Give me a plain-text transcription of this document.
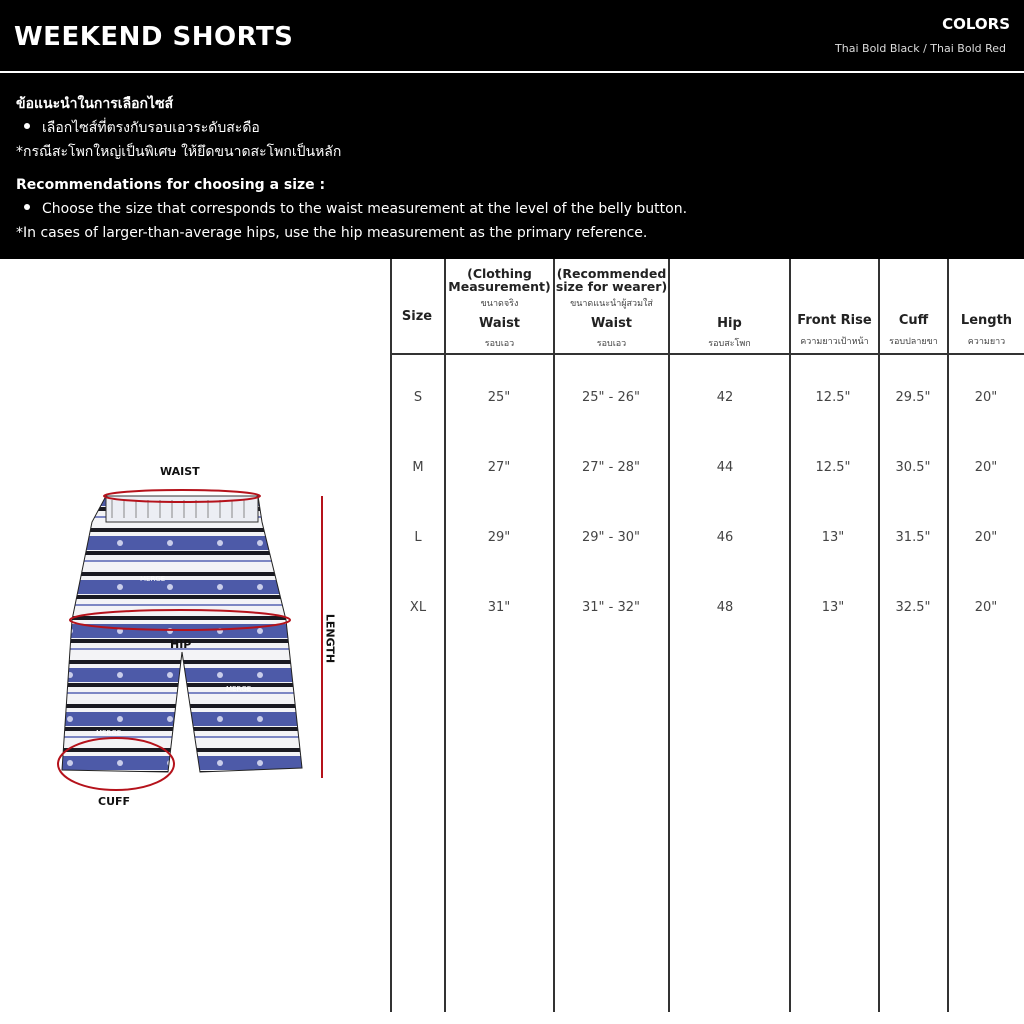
WEEKEND SHORTS	COLORS
Thai Bold Black / Thai Bold Red
ข้อแนะนำในการเลือกไซส์
เลือกไซส์ที่ตรงกับรอบเอวระดับสะดือ
*กรณีสะโพกใหญ่เป็นพิเศษ ให้ยึดขนาดสะโพกเป็นหลัก
Recommendations for choosing a size :
Choose the size that corresponds to the waist measurement at the level of the belly button.
*In cases of larger-than-average hips, use the hip measurement as the primary reference.
MERGE
MERGE
MERGE
WAIST
HIP
CUFF
LENGTH
Size
(Clothing Measurement)
ขนาดจริง
Waist
รอบเอว
(Recommended size for wearer)
ขนาดแนะนำผู้สวมใส่
Waist
รอบเอว
Hip
รอบสะโพก
Front Rise
ความยาวเป้าหน้า
Cuff
รอบปลายขา
Length
ความยาว
S	25"	25" - 26"	42	12.5"	29.5"	20"
M	27"	27" - 28"	44	12.5"	30.5"	20"
L	29"	29" - 30"	46	13"	31.5"	20"
XL	31"	31" - 32"	48	13"	32.5"	20"
